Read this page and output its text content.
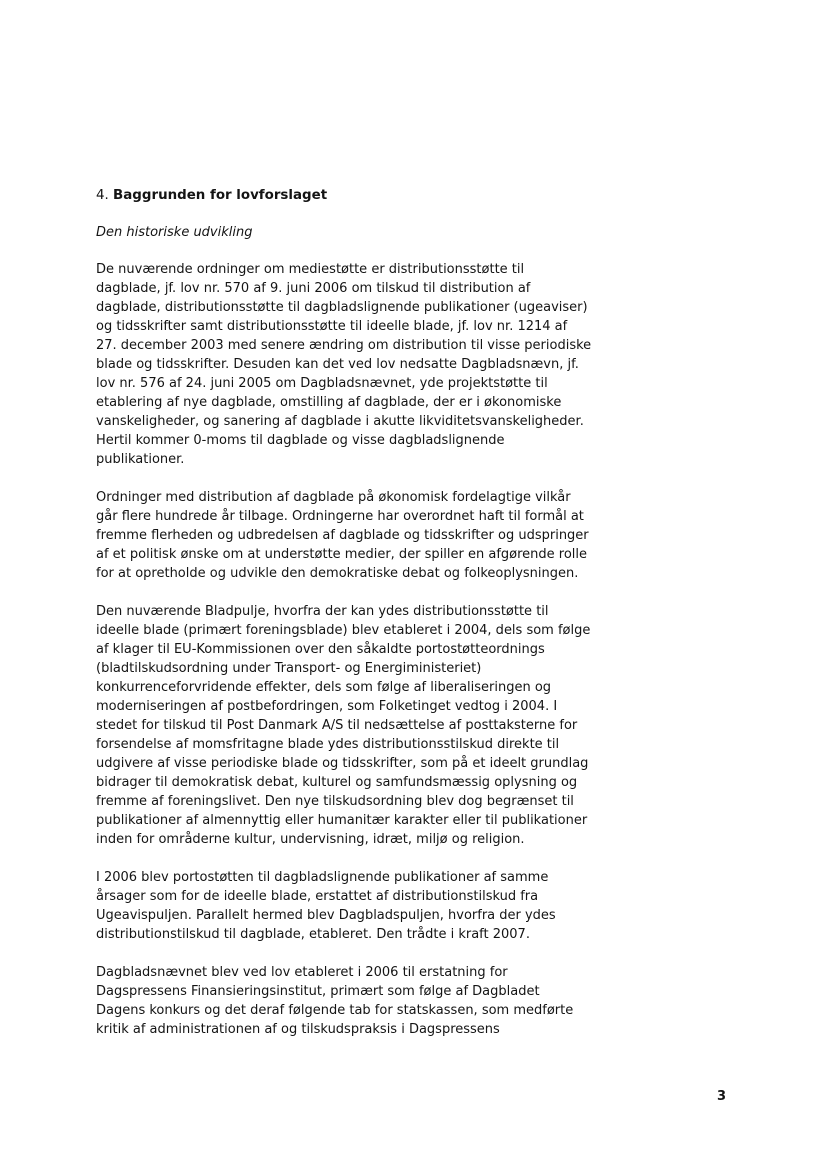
4. Baggrunden for lovforslaget
Den historiske udvikling
De nuværende ordninger om mediestøtte er distributionsstøtte til
dagblade, jf. lov nr. 570 af 9. juni 2006 om tilskud til distribution af
dagblade, distributionsstøtte til dagbladslignende publikationer (ugeaviser)
og tidsskrifter samt distributionsstøtte til ideelle blade, jf. lov nr. 1214 af
27. december 2003 med senere ændring om distribution til visse periodiske
blade og tidsskrifter. Desuden kan det ved lov nedsatte Dagbladsnævn, jf.
lov nr. 576 af 24. juni 2005 om Dagbladsnævnet, yde projektstøtte til
etablering af nye dagblade, omstilling af dagblade, der er i økonomiske
vanskeligheder, og sanering af dagblade i akutte likviditetsvanskeligheder.
Hertil kommer 0-moms til dagblade og visse dagbladslignende
publikationer.
Ordninger med distribution af dagblade på økonomisk fordelagtige vilkår
går flere hundrede år tilbage. Ordningerne har overordnet haft til formål at
fremme flerheden og udbredelsen af dagblade og tidsskrifter og udspringer
af et politisk ønske om at understøtte medier, der spiller en afgørende rolle
for at opretholde og udvikle den demokratiske debat og folkeoplysningen.
Den nuværende Bladpulje, hvorfra der kan ydes distributionsstøtte til
ideelle blade (primært foreningsblade) blev etableret i 2004, dels som følge
af klager til EU-Kommissionen over den såkaldte portostøtteordnings
(bladtilskudsordning under Transport- og Energiministeriet)
konkurrenceforvridende effekter, dels som følge af liberaliseringen og
moderniseringen af postbefordringen, som Folketinget vedtog i 2004. I
stedet for tilskud til Post Danmark A/S til nedsættelse af posttaksterne for
forsendelse af momsfritagne blade ydes distributionsstilskud direkte til
udgivere af visse periodiske blade og tidsskrifter, som på et ideelt grundlag
bidrager til demokratisk debat, kulturel og samfundsmæssig oplysning og
fremme af foreningslivet. Den nye tilskudsordning blev dog begrænset til
publikationer af almennyttig eller humanitær karakter eller til publikationer
inden for områderne kultur, undervisning, idræt, miljø og religion.
I 2006 blev portostøtten til dagbladslignende publikationer af samme
årsager som for de ideelle blade, erstattet af distributionstilskud fra
Ugeavispuljen. Parallelt hermed blev Dagbladspuljen, hvorfra der ydes
distributionstilskud til dagblade, etableret. Den trådte i kraft 2007.
Dagbladsnævnet blev ved lov etableret i 2006 til erstatning for
Dagspressens Finansieringsinstitut, primært som følge af Dagbladet
Dagens konkurs og det deraf følgende tab for statskassen, som medførte
kritik af administrationen af og tilskudspraksis i Dagspressens
3
